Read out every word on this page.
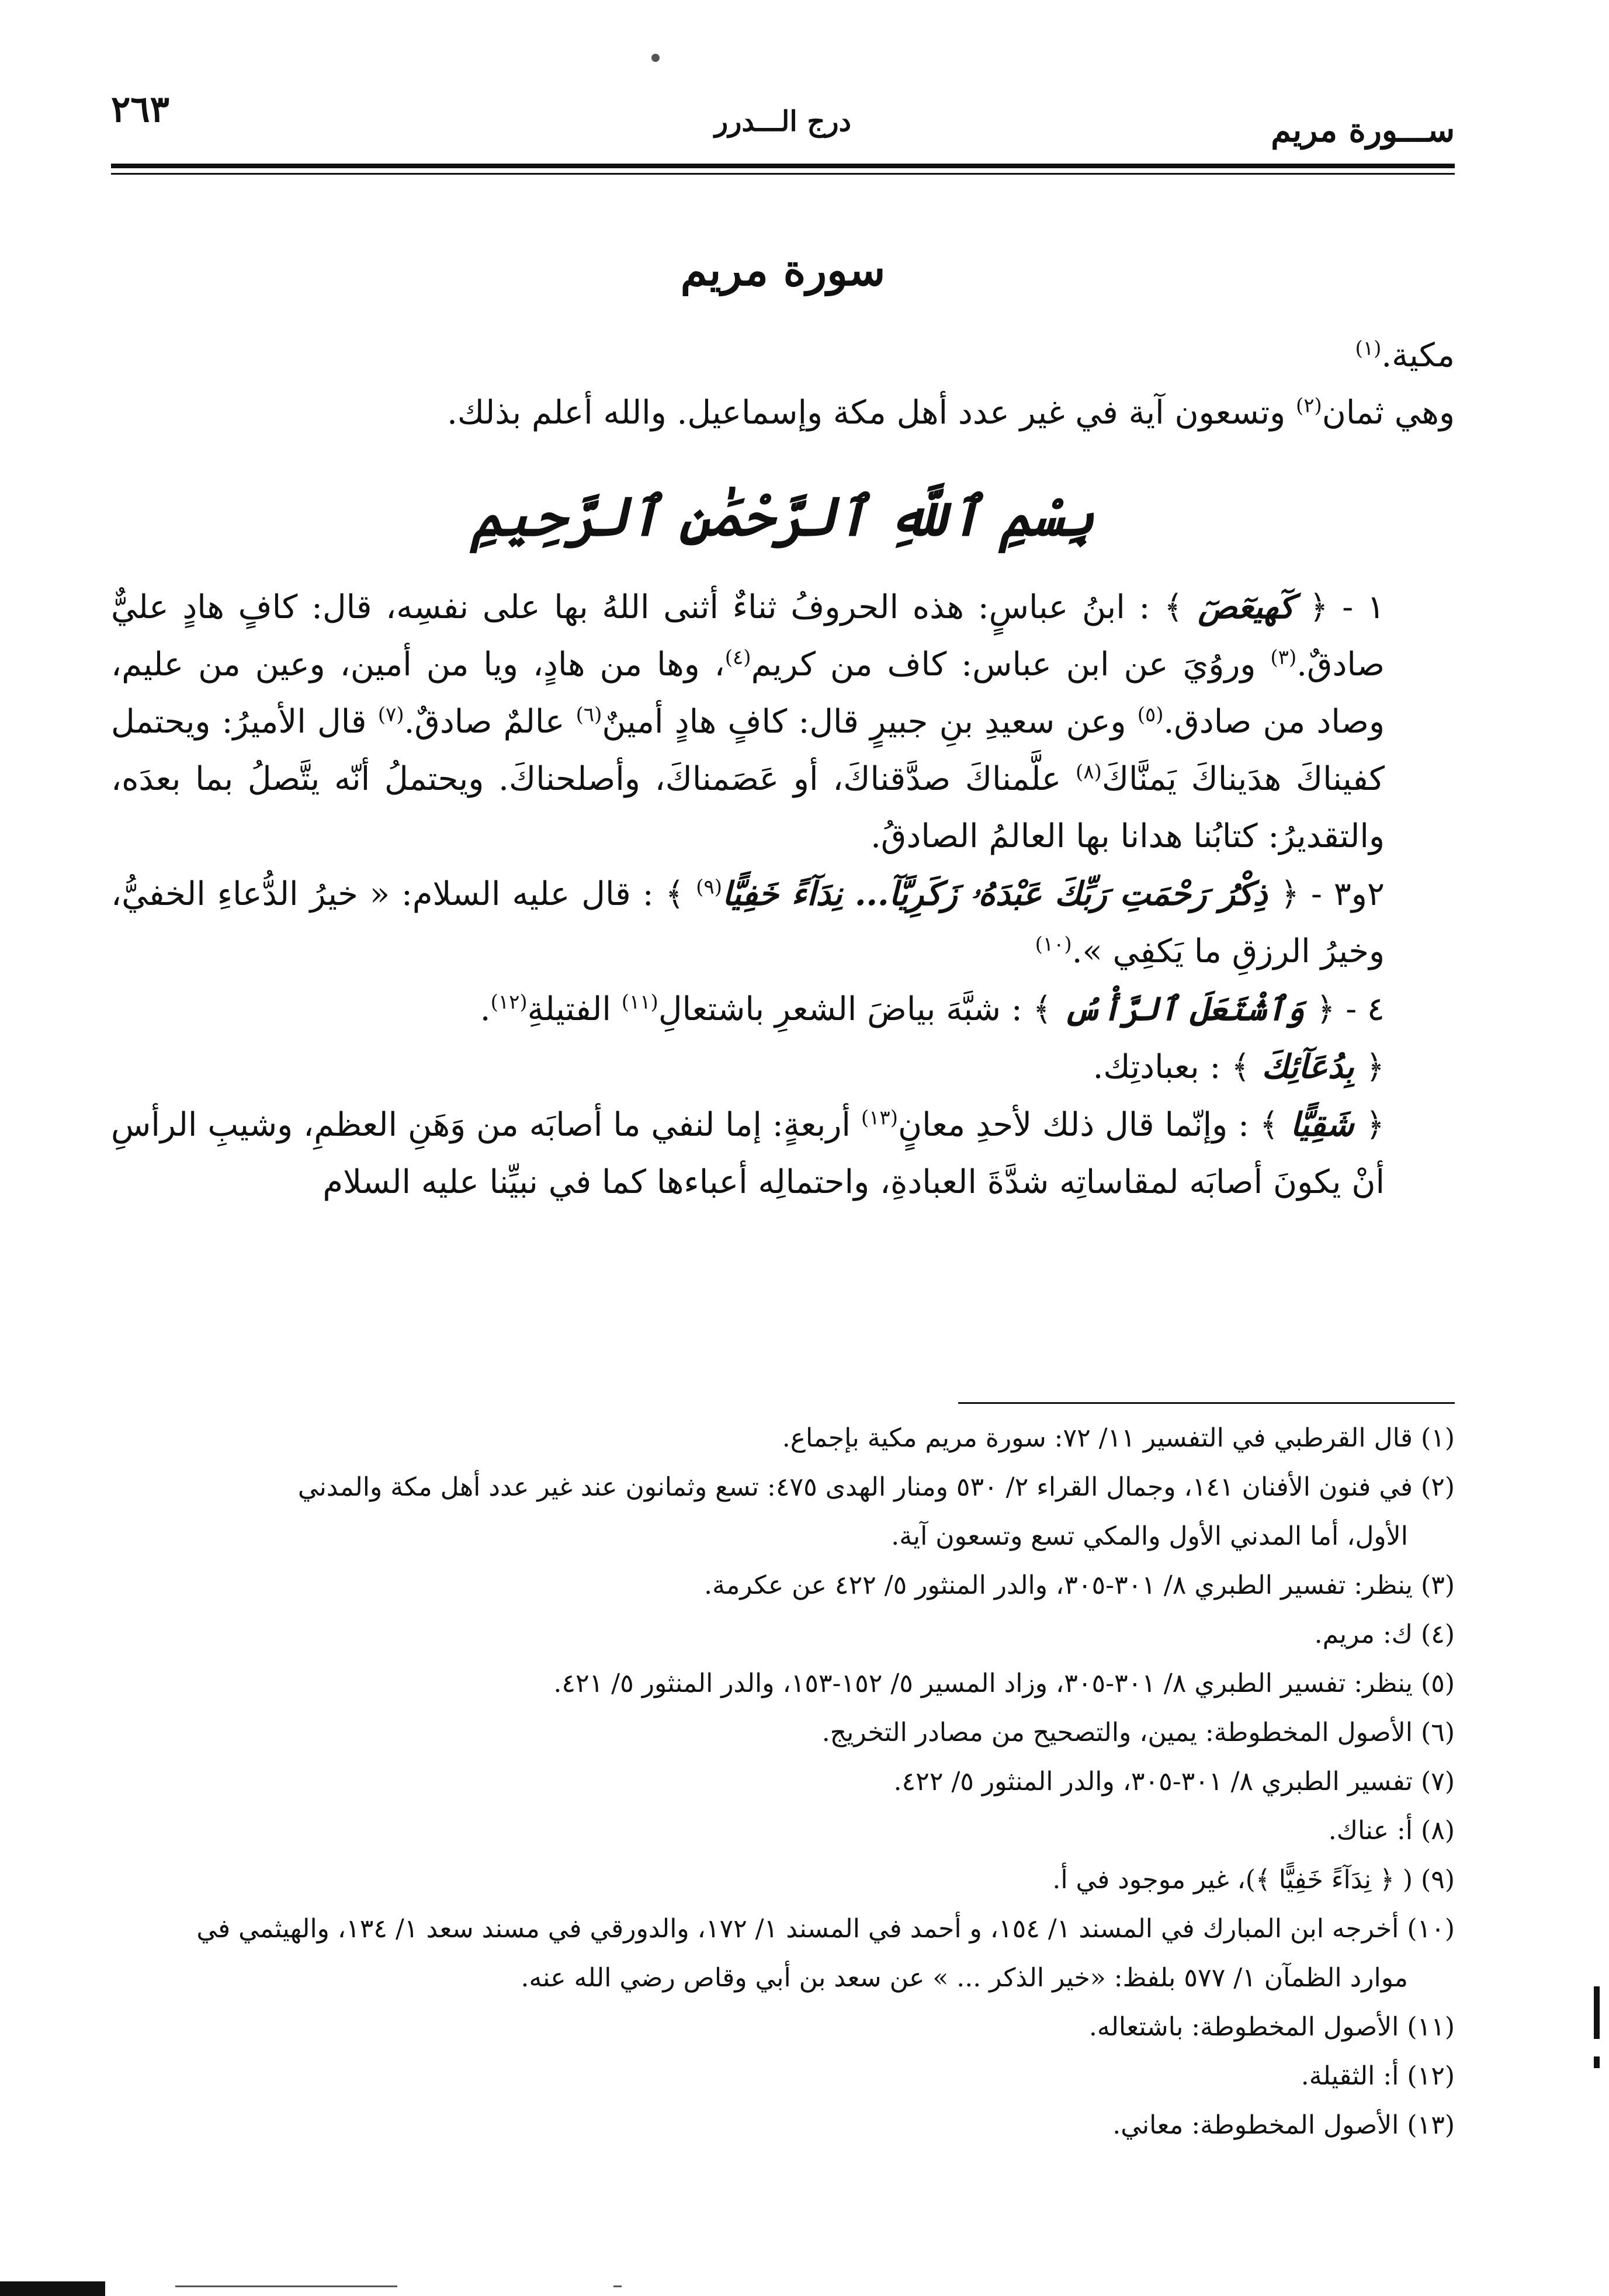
٢٦٣	درج الـــدرر	ســـورة مريم
سورة مريم
مكية.$^{(١)}$
وهي ثمان$^{(٢)}$ وتسعون آية في غير عدد أهل مكة وإسماعيل. والله أعلم بذلك.
بِسْمِ ٱللَّهِ ٱلرَّحْمَٰنِ ٱلرَّحِيمِ

١ - ﴿ كٓهيعٓصٓ ﴾ : ابنُ عباسٍ: هذه الحروفُ ثناءٌ أثنى اللهُ بها على نفسِه، قال: كافٍ هادٍ عليٌّ صادقٌ.$^{(٣)}$ وروُيَ عن ابن عباس: كاف من كريم$^{(٤)}$، وها من هادٍ، ويا من أمين، وعين من عليم، وصاد من صادق.$^{(٥)}$ وعن سعيدِ بنِ جبيرٍ قال: كافٍ هادٍ أمينٌ$^{(٦)}$ عالمٌ صادقٌ.$^{(٧)}$ قال الأميرُ: ويحتمل كفيناكَ هدَيناكَ يَمنَّاكَ$^{(٨)}$ علَّمناكَ صدَّقناكَ، أو عَصَمناكَ، وأصلحناكَ. ويحتملُ أنّه يتَّصلُ بما بعدَه، والتقديرُ: كتابُنا هدانا بها العالمُ الصادقُ.

٢و٣ - ﴿ ذِكْرُ رَحْمَتِ رَبِّكَ عَبْدَهُۥ زَكَرِيَّآ... نِدَآءً خَفِيًّا$^{(٩)}$ ﴾ : قال عليه السلام: « خيرُ الدُّعاءِ الخفيُّ، وخيرُ الرزقِ ما يَكفِي ».$^{(١٠)}$

٤ - ﴿ وَٱشْتَعَلَ ٱلرَّأْسُ ﴾ : شبَّهَ بياضَ الشعرِ باشتعالِ$^{(١١)}$ الفتيلةِ$^{(١٢)}$.

﴿ بِدُعَآئِكَ ﴾ : بعبادتِك.

﴿ شَقِيًّا ﴾ : وإنّما قال ذلك لأحدِ معانٍ$^{(١٣)}$ أربعةٍ: إما لنفي ما أصابَه من وَهَنِ العظمِ، وشيبِ الرأسِ أنْ يكونَ أصابَه لمقاساتِه شدَّةَ العبادةِ، واحتمالِه أعباءها كما في نبيِّنا عليه السلام

(١) قال القرطبي في التفسير ١١/ ٧٢: سورة مريم مكية بإجماع.

(٢) في فنون الأفنان ١٤١، وجمال القراء ٢/ ٥٣٠ ومنار الهدى ٤٧٥: تسع وثمانون عند غير عدد أهل مكة والمدني

الأول، أما المدني الأول والمكي تسع وتسعون آية.

(٣) ينظر: تفسير الطبري ٨/ ٣٠١-٣٠٥، والدر المنثور ٥/ ٤٢٢ عن عكرمة.

(٤) ك: مريم.

(٥) ينظر: تفسير الطبري ٨/ ٣٠١-٣٠٥، وزاد المسير ٥/ ١٥٢-١٥٣، والدر المنثور ٥/ ٤٢١.

(٦) الأصول المخطوطة: يمين، والتصحيح من مصادر التخريج.

(٧) تفسير الطبري ٨/ ٣٠١-٣٠٥، والدر المنثور ٥/ ٤٢٢.

(٨) أ: عناك.

(٩) ( ﴿ نِدَآءً خَفِيًّا ﴾)، غير موجود في أ.

(١٠) أخرجه ابن المبارك في المسند ١/ ١٥٤، و أحمد في المسند ١/ ١٧٢، والدورقي في مسند سعد ١/ ١٣٤، والهيثمي في

موارد الظمآن ١/ ٥٧٧ بلفظ: «خير الذكر ... » عن سعد بن أبي وقاص رضي الله عنه.

(١١) الأصول المخطوطة: باشتعاله.

(١٢) أ: الثقيلة.

(١٣) الأصول المخطوطة: معاني.
